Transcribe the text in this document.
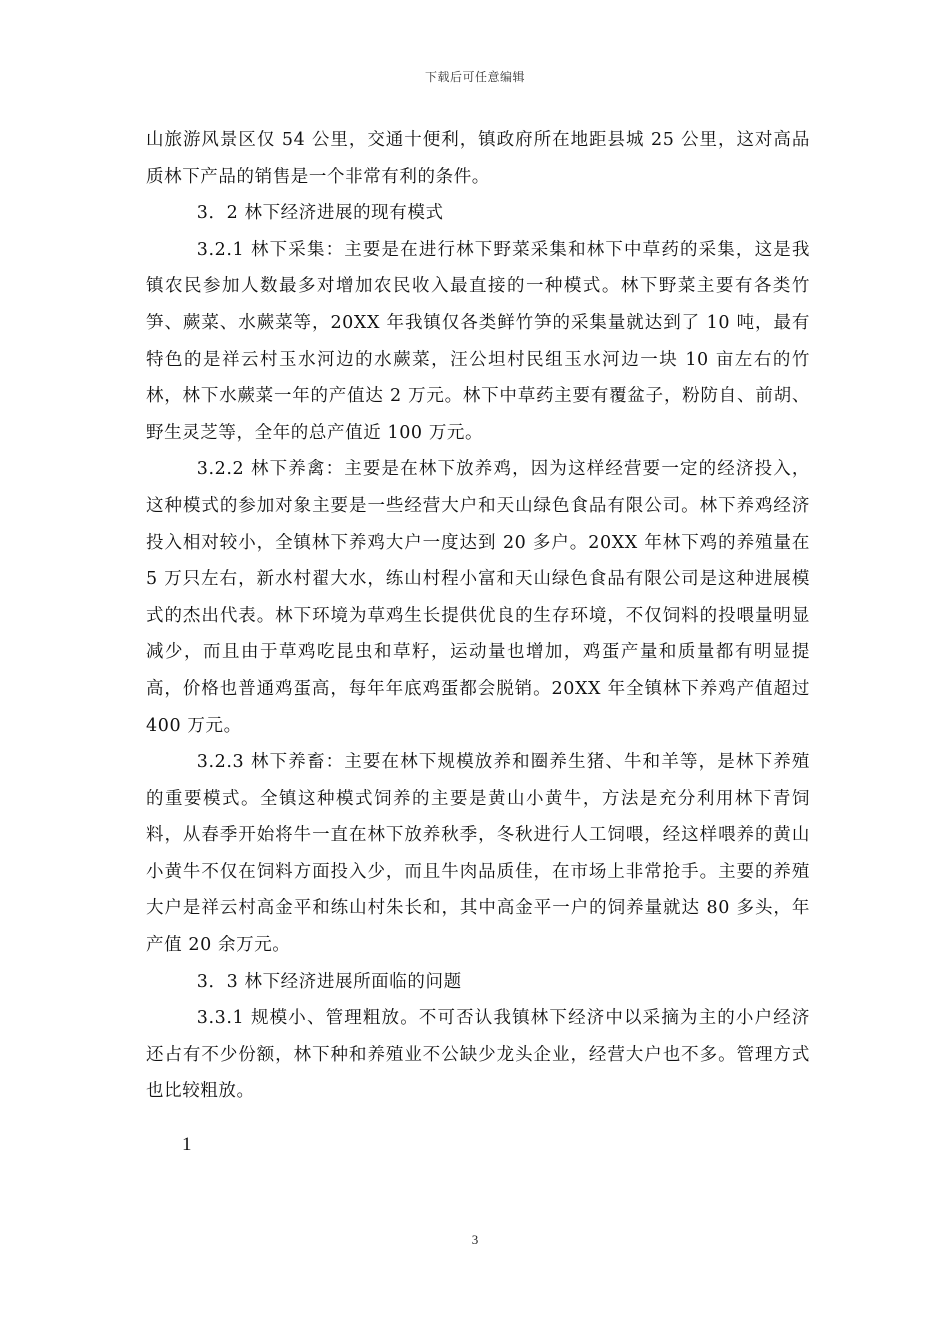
下载后可任意编辑

山旅游风景区仅 54 公里，交通十便利，镇政府所在地距县城 25 公里，这对高品质林下产品的销售是一个非常有利的条件。

3．2 林下经济进展的现有模式

3.2.1 林下采集：主要是在进行林下野菜采集和林下中草药的采集，这是我镇农民参加人数最多对增加农民收入最直接的一种模式。林下野菜主要有各类竹笋、蕨菜、水蕨菜等，20XX 年我镇仅各类鲜竹笋的采集量就达到了 10 吨，最有特色的是祥云村玉水河边的水蕨菜，汪公坦村民组玉水河边一块 10 亩左右的竹林，林下水蕨菜一年的产值达 2 万元。林下中草药主要有覆盆子，粉防自、前胡、野生灵芝等，全年的总产值近 100 万元。

3.2.2 林下养禽：主要是在林下放养鸡，因为这样经营要一定的经济投入，这种模式的参加对象主要是一些经营大户和天山绿色食品有限公司。林下养鸡经济投入相对较小，全镇林下养鸡大户一度达到 20 多户。20XX 年林下鸡的养殖量在 5 万只左右，新水村翟大水，练山村程小富和天山绿色食品有限公司是这种进展模式的杰出代表。林下环境为草鸡生长提供优良的生存环境，不仅饲料的投喂量明显减少，而且由于草鸡吃昆虫和草籽，运动量也增加，鸡蛋产量和质量都有明显提高，价格也普通鸡蛋高，每年年底鸡蛋都会脱销。20XX 年全镇林下养鸡产值超过 400 万元。

3.2.3 林下养畜：主要在林下规模放养和圈养生猪、牛和羊等，是林下养殖的重要模式。全镇这种模式饲养的主要是黄山小黄牛，方法是充分利用林下青饲料，从春季开始将牛一直在林下放养秋季，冬秋进行人工饲喂，经这样喂养的黄山小黄牛不仅在饲料方面投入少，而且牛肉品质佳，在市场上非常抢手。主要的养殖大户是祥云村高金平和练山村朱长和，其中高金平一户的饲养量就达 80 多头，年产值 20 余万元。

3．3 林下经济进展所面临的问题

3.3.1 规模小、管理粗放。不可否认我镇林下经济中以采摘为主的小户经济还占有不少份额，林下种和养殖业不公缺少龙头企业，经营大户也不多。管理方式也比较粗放。

1
3
